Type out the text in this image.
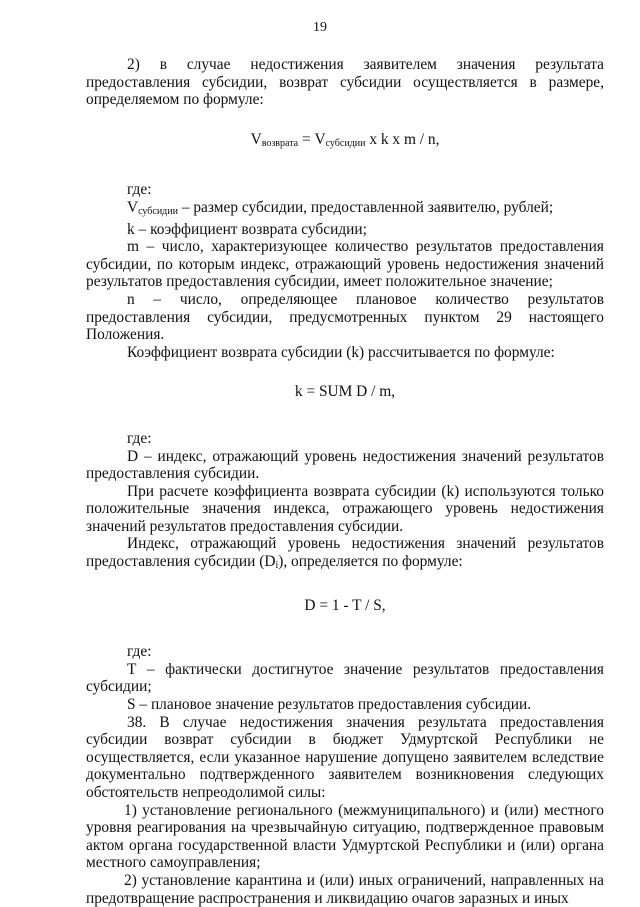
19

2) в случае недостижения заявителем значения результата предоставления субсидии, возврат субсидии осуществляется в размере, определяемом по формуле:

$V_{возврата} = V_{субсидии}$ x k x m / n,

где:

$V_{субсидии}$ – размер субсидии, предоставленной заявителю, рублей;

k – коэффициент возврата субсидии;

m – число, характеризующее количество результатов предоставления субсидии, по которым индекс, отражающий уровень недостижения значений результатов предоставления субсидии, имеет положительное значение;

n – число, определяющее плановое количество результатов предоставления субсидии, предусмотренных пунктом 29 настоящего Положения.

Коэффициент возврата субсидии (k) рассчитывается по формуле:

k = SUM D / m,

где:

D – индекс, отражающий уровень недостижения значений результатов предоставления субсидии.

При расчете коэффициента возврата субсидии (k) используются только положительные значения индекса, отражающего уровень недостижения значений результатов предоставления субсидии.

Индекс, отражающий уровень недостижения значений результатов предоставления субсидии $(D_i)$, определяется по формуле:

D = 1 - T / S,

где:

Т – фактически достигнутое значение результатов предоставления субсидии;

S – плановое значение результатов предоставления субсидии.

38. В случае недостижения значения результата предоставления субсидии возврат субсидии в бюджет Удмуртской Республики не осуществляется, если указанное нарушение допущено заявителем вследствие документально подтвержденного заявителем возникновения следующих обстоятельств непреодолимой силы:

1) установление регионального (межмуниципального) и (или) местного уровня реагирования на чрезвычайную ситуацию, подтвержденное правовым актом органа государственной власти Удмуртской Республики и (или) органа местного самоуправления;

2) установление карантина и (или) иных ограничений, направленных на предотвращение распространения и ликвидацию очагов заразных и иных
